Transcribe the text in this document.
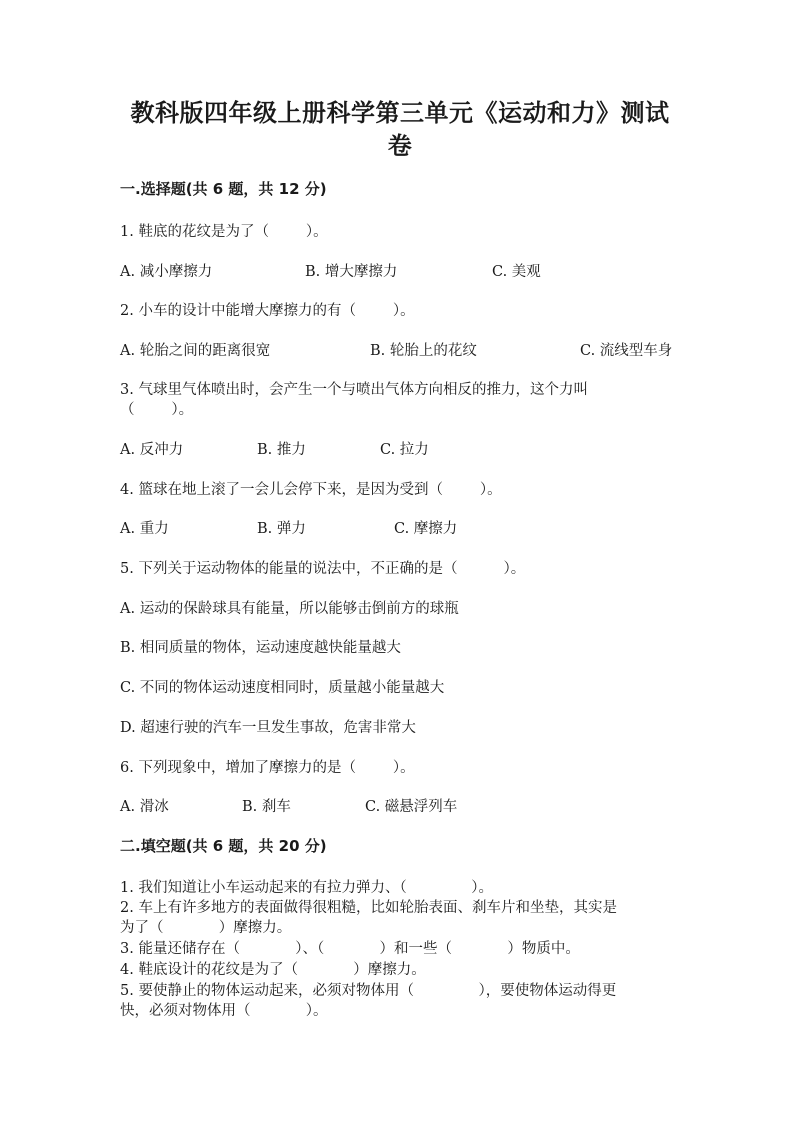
教科版四年级上册科学第三单元《运动和力》测试
卷
一.选择题(共 6 题，共 12 分)
1. 鞋底的花纹是为了（        ）。
A. 减小摩擦力	B. 增大摩擦力	C. 美观
2. 小车的设计中能增大摩擦力的有（        ）。
A. 轮胎之间的距离很宽	B. 轮胎上的花纹	C. 流线型车身
3. 气球里气体喷出时，会产生一个与喷出气体方向相反的推力，这个力叫
（        ）。
A. 反冲力	B. 推力	C. 拉力
4. 篮球在地上滚了一会儿会停下来，是因为受到（        ）。
A. 重力	B. 弹力	C. 摩擦力
5. 下列关于运动物体的能量的说法中，不正确的是（          ）。
A. 运动的保龄球具有能量，所以能够击倒前方的球瓶
B. 相同质量的物体，运动速度越快能量越大
C. 不同的物体运动速度相同时，质量越小能量越大
D. 超速行驶的汽车一旦发生事故，危害非常大
6. 下列现象中，增加了摩擦力的是（        ）。
A. 滑冰	B. 刹车	C. 磁悬浮列车
二.填空题(共 6 题，共 20 分)
1. 我们知道让小车运动起来的有拉力弹力、（              ）。
2. 车上有许多地方的表面做得很粗糙，比如轮胎表面、刹车片和坐垫，其实是
为了（            ）摩擦力。
3. 能量还储存在（            ）、（            ）和一些（            ）物质中。
4. 鞋底设计的花纹是为了（            ）摩擦力。
5. 要使静止的物体运动起来，必须对物体用（              ），要使物体运动得更
快，必须对物体用（            ）。
